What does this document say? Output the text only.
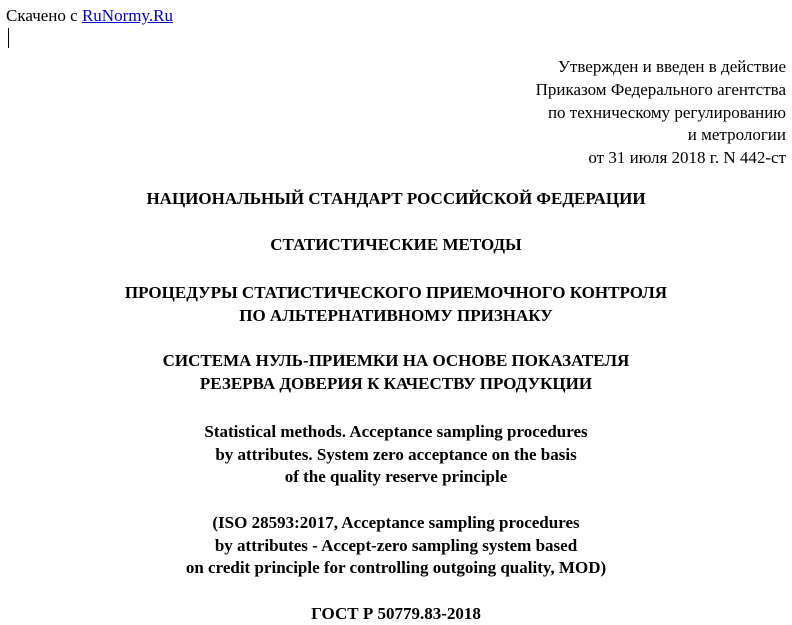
Скачено с RuNormy.Ru
Утвержден и введен в действие
Приказом Федерального агентства
по техническому регулированию
и метрологии
от 31 июля 2018 г. N 442-ст
НАЦИОНАЛЬНЫЙ СТАНДАРТ РОССИЙСКОЙ ФЕДЕРАЦИИ
СТАТИСТИЧЕСКИЕ МЕТОДЫ
ПРОЦЕДУРЫ СТАТИСТИЧЕСКОГО ПРИЕМОЧНОГО КОНТРОЛЯ
ПО АЛЬТЕРНАТИВНОМУ ПРИЗНАКУ
СИСТЕМА НУЛЬ-ПРИЕМКИ НА ОСНОВЕ ПОКАЗАТЕЛЯ
РЕЗЕРВА ДОВЕРИЯ К КАЧЕСТВУ ПРОДУКЦИИ
Statistical methods. Acceptance sampling procedures
by attributes. System zero acceptance on the basis
of the quality reserve principle
(ISO 28593:2017, Acceptance sampling procedures
by attributes - Accept-zero sampling system based
on credit principle for controlling outgoing quality, MOD)
ГОСТ Р 50779.83-2018
